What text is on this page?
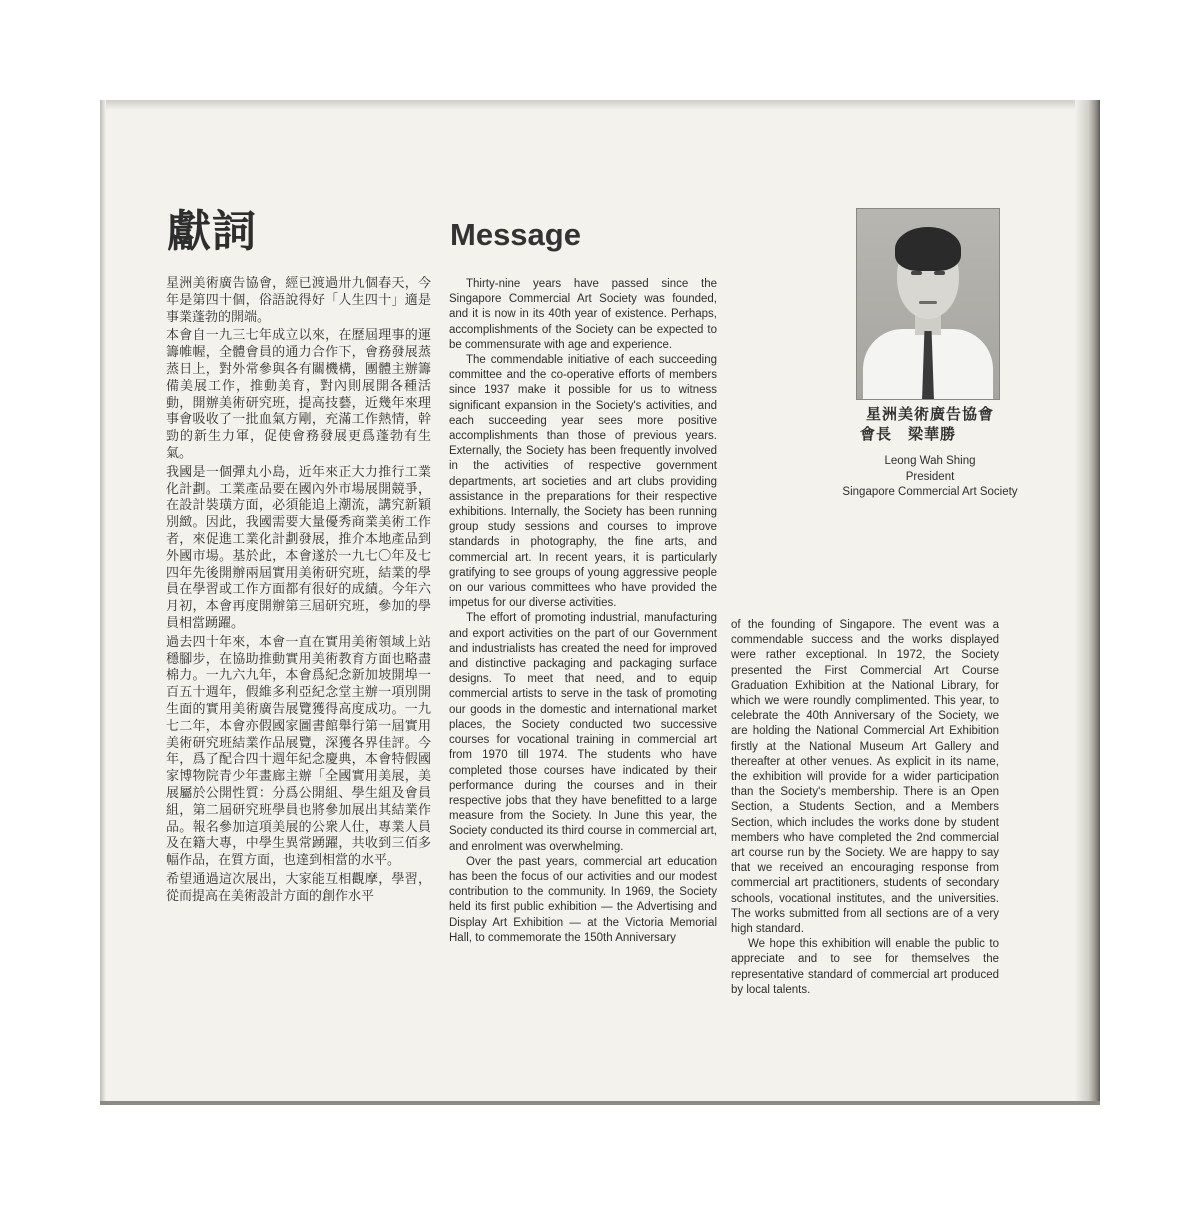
獻詞	Message

星洲美術廣告協會，經已渡過卅九個春天，今年是第四十個，俗語說得好「人生四十」適是事業蓬勃的開端。

本會自一九三七年成立以來，在歷屆理事的運籌帷幄，全體會員的通力合作下，會務發展蒸蒸日上，對外常參與各有關機構，團體主辦籌備美展工作，推動美育，對內則展開各種活動，開辦美術研究班，提高技藝，近幾年來理事會吸收了一批血氣方剛，充滿工作熱情，幹勁的新生力軍，促使會務發展更爲蓬勃有生氣。

我國是一個彈丸小島，近年來正大力推行工業化計劃。工業產品要在國內外市場展開競爭，在設計裝璜方面，必須能追上潮流，講究新穎別緻。因此，我國需要大量優秀商業美術工作者，來促進工業化計劃發展，推介本地產品到外國市場。基於此，本會遂於一九七〇年及七四年先後開辦兩屆實用美術研究班，結業的學員在學習或工作方面都有很好的成績。今年六月初，本會再度開辦第三屆研究班，參加的學員相當踴躍。

過去四十年來，本會一直在實用美術領域上站穩腳步，在協助推動實用美術教育方面也略盡棉力。一九六九年，本會爲紀念新加坡開埠一百五十週年，假維多利亞紀念堂主辦一項別開生面的實用美術廣告展覽獲得高度成功。一九七二年，本會亦假國家圖書館舉行第一屆實用美術研究班結業作品展覽，深獲各界佳評。今年，爲了配合四十週年紀念慶典，本會特假國家博物院青少年畫廊主辦「全國實用美展，美展屬於公開性質：分爲公開組、學生組及會員組，第二屆研究班學員也將參加展出其結業作品。報名參加這項美展的公衆人仕，專業人員及在籍大專，中學生異常踴躍，共收到三佰多幅作品，在質方面，也達到相當的水平。

希望通過這次展出，大家能互相觀摩，學習，從而提高在美術設計方面的創作水平

Thirty-nine years have passed since the Singapore Commercial Art Society was founded, and it is now in its 40th year of existence. Perhaps, accomplishments of the Society can be expected to be commensurate with age and experience.

The commendable initiative of each succeeding committee and the co-operative efforts of members since 1937 make it possible for us to witness significant expansion in the Society's activities, and each succeeding year sees more positive accomplishments than those of previous years. Externally, the Society has been frequently involved in the activities of respective government departments, art societies and art clubs providing assistance in the preparations for their respective exhibitions. Internally, the Society has been running group study sessions and courses to improve standards in photography, the fine arts, and commercial art. In recent years, it is particularly gratifying to see groups of young aggressive people on our various committees who have provided the impetus for our diverse activities.

The effort of promoting industrial, manufacturing and export activities on the part of our Government and industrialists has created the need for improved and distinctive packaging and packaging surface designs. To meet that need, and to equip commercial artists to serve in the task of promoting our goods in the domestic and international market places, the Society conducted two successive courses for vocational training in commercial art from 1970 till 1974. The students who have completed those courses have indicated by their performance during the courses and in their respective jobs that they have benefitted to a large measure from the Society. In June this year, the Society conducted its third course in commercial art, and enrolment was overwhelming.

Over the past years, commercial art education has been the focus of our activities and our modest contribution to the community. In 1969, the Society held its first public exhibition — the Advertising and Display Art Exhibition — at the Victoria Memorial Hall, to commemorate the 150th Anniversary

星洲美術廣告協會
會長 梁華勝
Leong Wah Shing
President
Singapore Commercial Art Society

of the founding of Singapore. The event was a commendable success and the works displayed were rather exceptional. In 1972, the Society presented the First Commercial Art Course Graduation Exhibition at the National Library, for which we were roundly complimented. This year, to celebrate the 40th Anniversary of the Society, we are holding the National Commercial Art Exhibition firstly at the National Museum Art Gallery and thereafter at other venues. As explicit in its name, the exhibition will provide for a wider participation than the Society's membership. There is an Open Section, a Students Section, and a Members Section, which includes the works done by student members who have completed the 2nd commercial art course run by the Society. We are happy to say that we received an encouraging response from commercial art practitioners, students of secondary schools, vocational institutes, and the universities. The works submitted from all sections are of a very high standard.

We hope this exhibition will enable the public to appreciate and to see for themselves the representative standard of commercial art produced by local talents.
